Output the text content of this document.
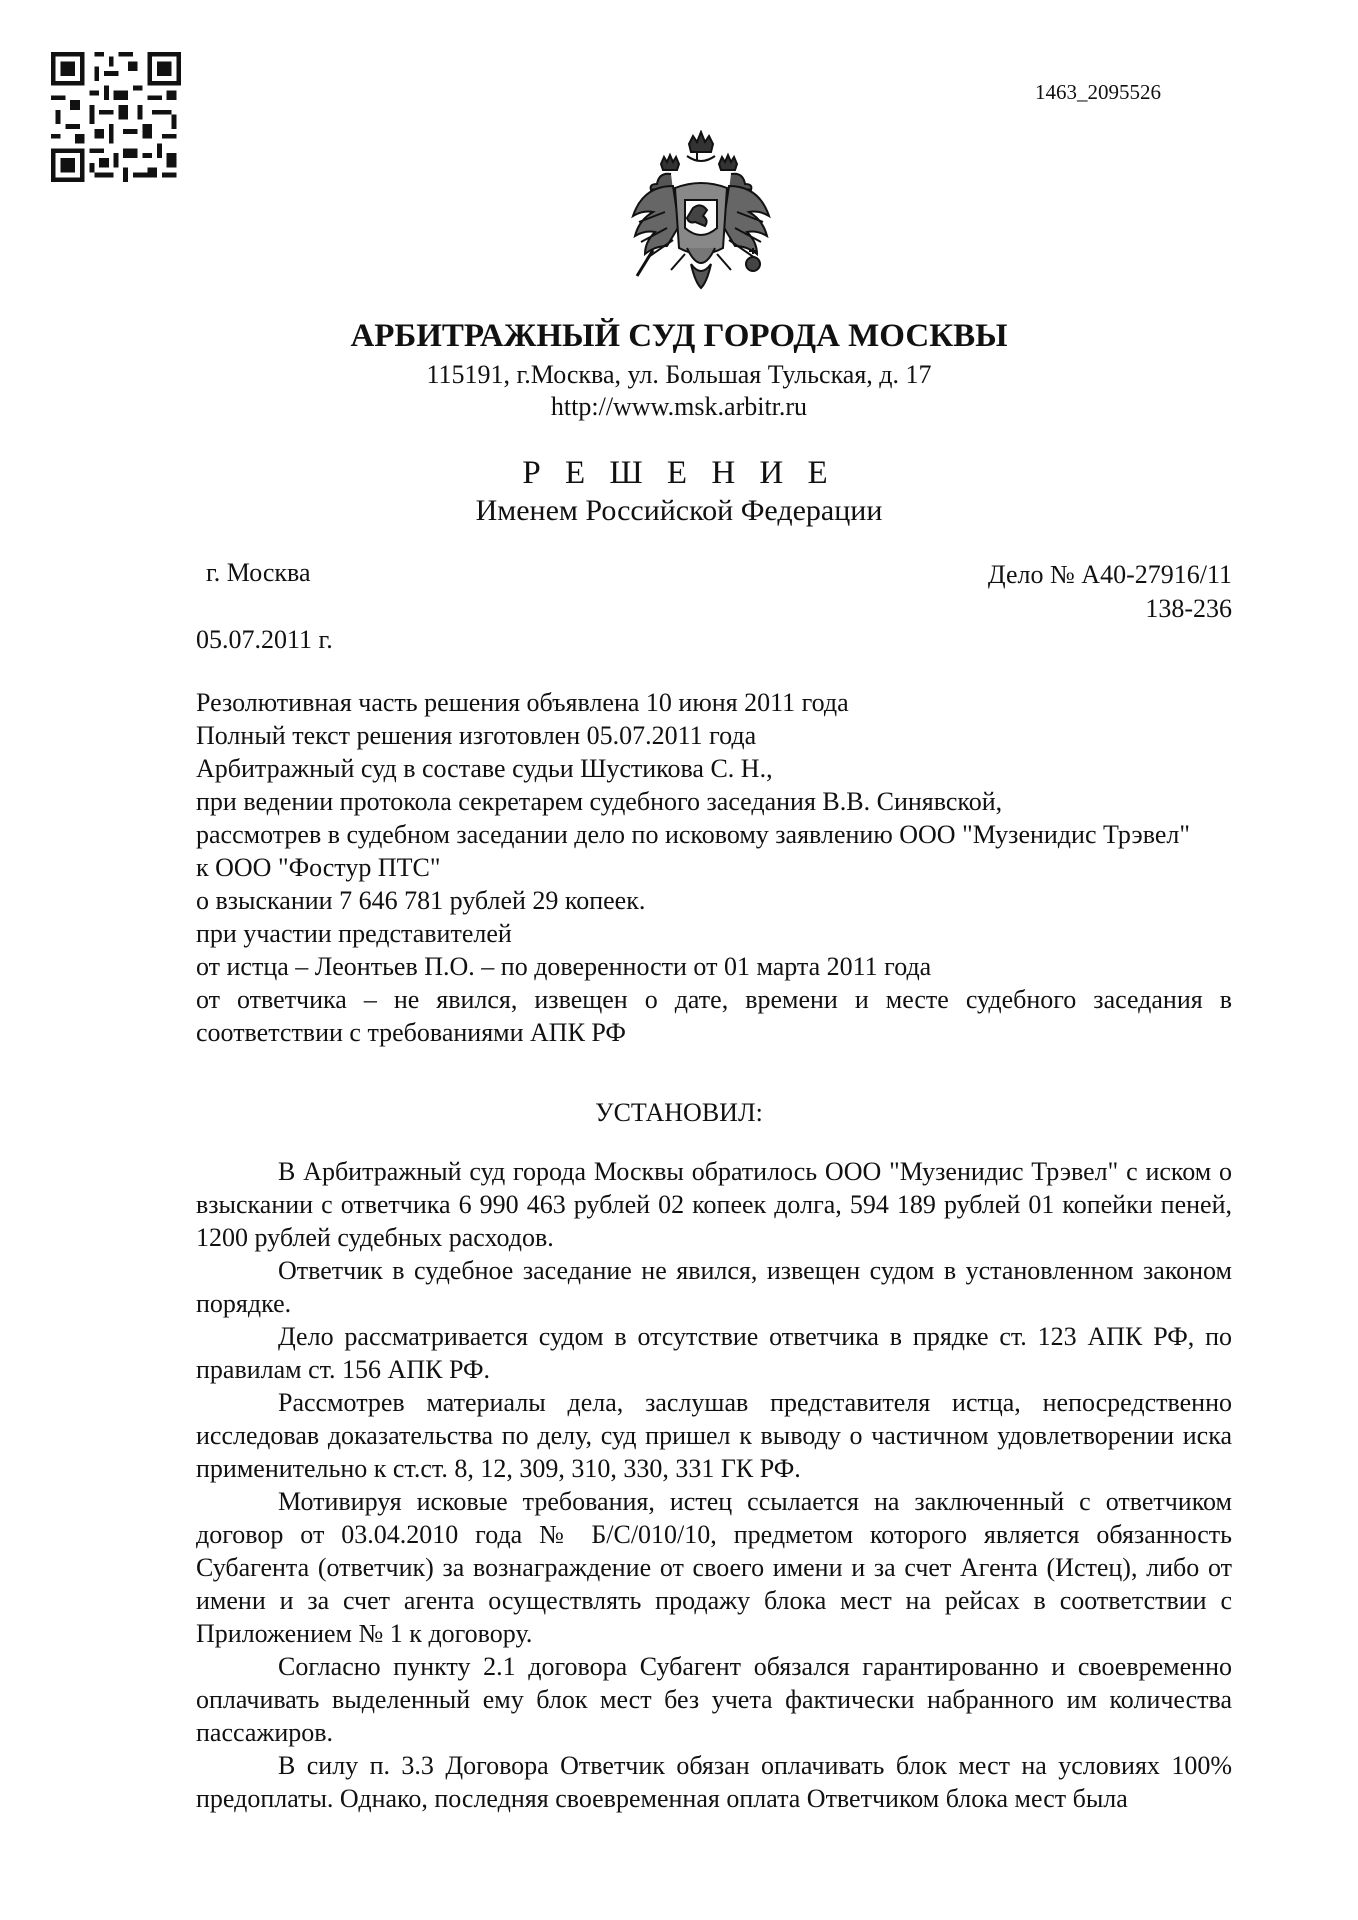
1463_2095526
АРБИТРАЖНЫЙ СУД ГОРОДА МОСКВЫ
115191, г.Москва, ул. Большая Тульская, д. 17
http://www.msk.arbitr.ru
Р Е Ш Е Н И Е
Именем Российской Федерации
г. Москва	Дело № А40-27916/11
138-236
05.07.2011 г.

Резолютивная часть решения объявлена 10 июня 2011 года

Полный текст решения изготовлен 05.07.2011 года

Арбитражный суд в составе судьи Шустикова С. Н.,

при ведении протокола секретарем судебного заседания В.В. Синявской,

рассмотрев в судебном заседании дело по исковому заявлению ООО "Музенидис Трэвел"

к ООО "Фостур ПТС"

о взыскании 7 646 781 рублей 29 копеек.

при участии представителей

от истца – Леонтьев П.О. – по доверенности от 01 марта 2011 года

от ответчика – не явился, извещен о дате, времени и месте судебного заседания в соответствии с требованиями АПК РФ

УСТАНОВИЛ:

В Арбитражный суд города Москвы обратилось ООО "Музенидис Трэвел" с иском о взыскании с ответчика 6 990 463 рублей 02 копеек долга, 594 189 рублей 01 копейки пеней, 1200 рублей судебных расходов.

Ответчик в судебное заседание не явился, извещен судом в установленном законом порядке.

Дело рассматривается судом в отсутствие ответчика в прядке ст. 123 АПК РФ, по правилам ст. 156 АПК РФ.

Рассмотрев материалы дела, заслушав представителя истца, непосредственно исследовав доказательства по делу, суд пришел к выводу о частичном удовлетворении иска применительно к ст.ст. 8, 12, 309, 310, 330, 331 ГК РФ.

Мотивируя исковые требования, истец ссылается на заключенный с ответчиком договор от 03.04.2010 года № Б/С/010/10, предметом которого является обязанность Субагента (ответчик) за вознаграждение от своего имени и за счет Агента (Истец), либо от имени и за счет агента осуществлять продажу блока мест на рейсах в соответствии с Приложением № 1 к договору.

Согласно пункту 2.1 договора Субагент обязался гарантированно и своевременно оплачивать выделенный ему блок мест без учета фактически набранного им количества пассажиров.

В силу п. 3.3 Договора Ответчик обязан оплачивать блок мест на условиях 100% предоплаты. Однако, последняя своевременная оплата Ответчиком блока мест была
